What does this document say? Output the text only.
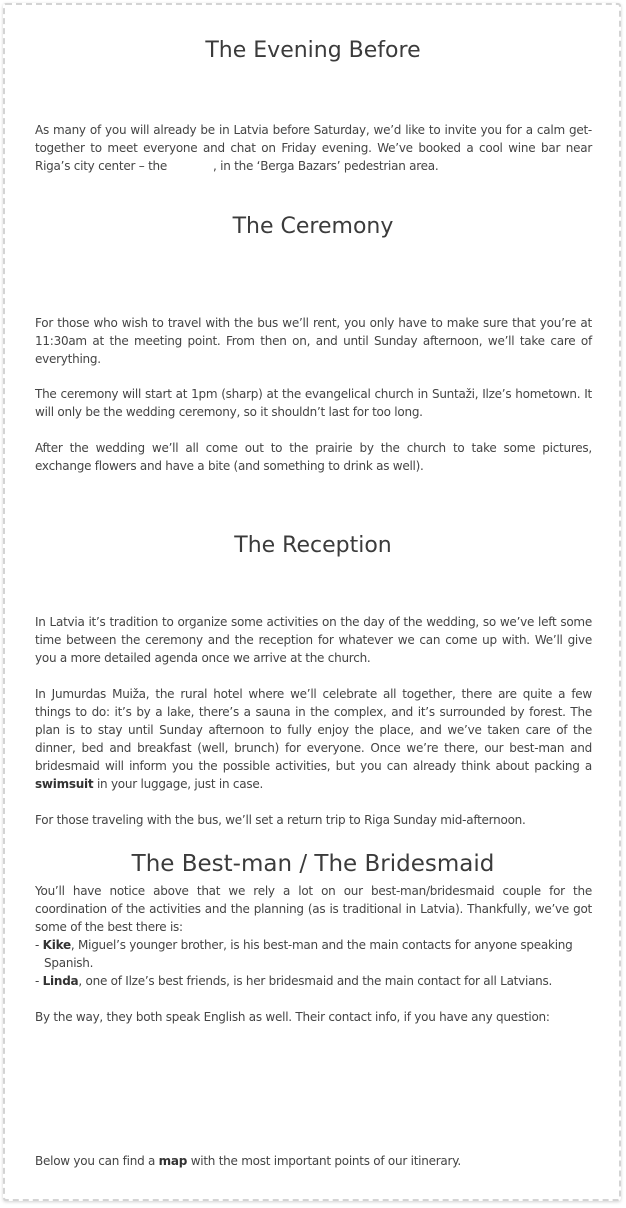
The Evening Before

As many of you will already be in Latvia before Saturday, we’d like to invite you for a calm get-together to meet everyone and chat on Friday evening. We’ve booked a cool wine bar near Riga’s city center – the	, in the ‘Berga Bazars’ pedestrian area.

The Ceremony

For those who wish to travel with the bus we’ll rent, you only have to make sure that you’re at 11:30am at the meeting point. From then on, and until Sunday afternoon, we’ll take care of everything.

The ceremony will start at 1pm (sharp) at the evangelical church in Suntaži, Ilze’s hometown. It will only be the wedding ceremony, so it shouldn’t last for too long.

After the wedding we’ll all come out to the prairie by the church to take some pictures, exchange flowers and have a bite (and something to drink as well).

The Reception

In Latvia it’s tradition to organize some activities on the day of the wedding, so we’ve left some time between the ceremony and the reception for whatever we can come up with. We’ll give you a more detailed agenda once we arrive at the church.

In Jumurdas Muiža, the rural hotel where we’ll celebrate all together, there are quite a few things to do: it’s by a lake, there’s a sauna in the complex, and it’s surrounded by forest. The plan is to stay until Sunday afternoon to fully enjoy the place, and we’ve taken care of the dinner, bed and breakfast (well, brunch) for everyone. Once we’re there, our best-man and bridesmaid will inform you the possible activities, but you can already think about packing a swimsuit in your luggage, just in case.

For those traveling with the bus, we’ll set a return trip to Riga Sunday mid-afternoon.

The Best-man / The Bridesmaid

You’ll have notice above that we rely a lot on our best-man/bridesmaid couple for the coordination of the activities and the planning (as is traditional in Latvia). Thankfully, we’ve got some of the best there is:

- Kike, Miguel’s younger brother, is his best-man and the main contacts for anyone speaking Spanish.

- Linda, one of Ilze’s best friends, is her bridesmaid and the main contact for all Latvians.

By the way, they both speak English as well. Their contact info, if you have any question:

Below you can find a map with the most important points of our itinerary.
